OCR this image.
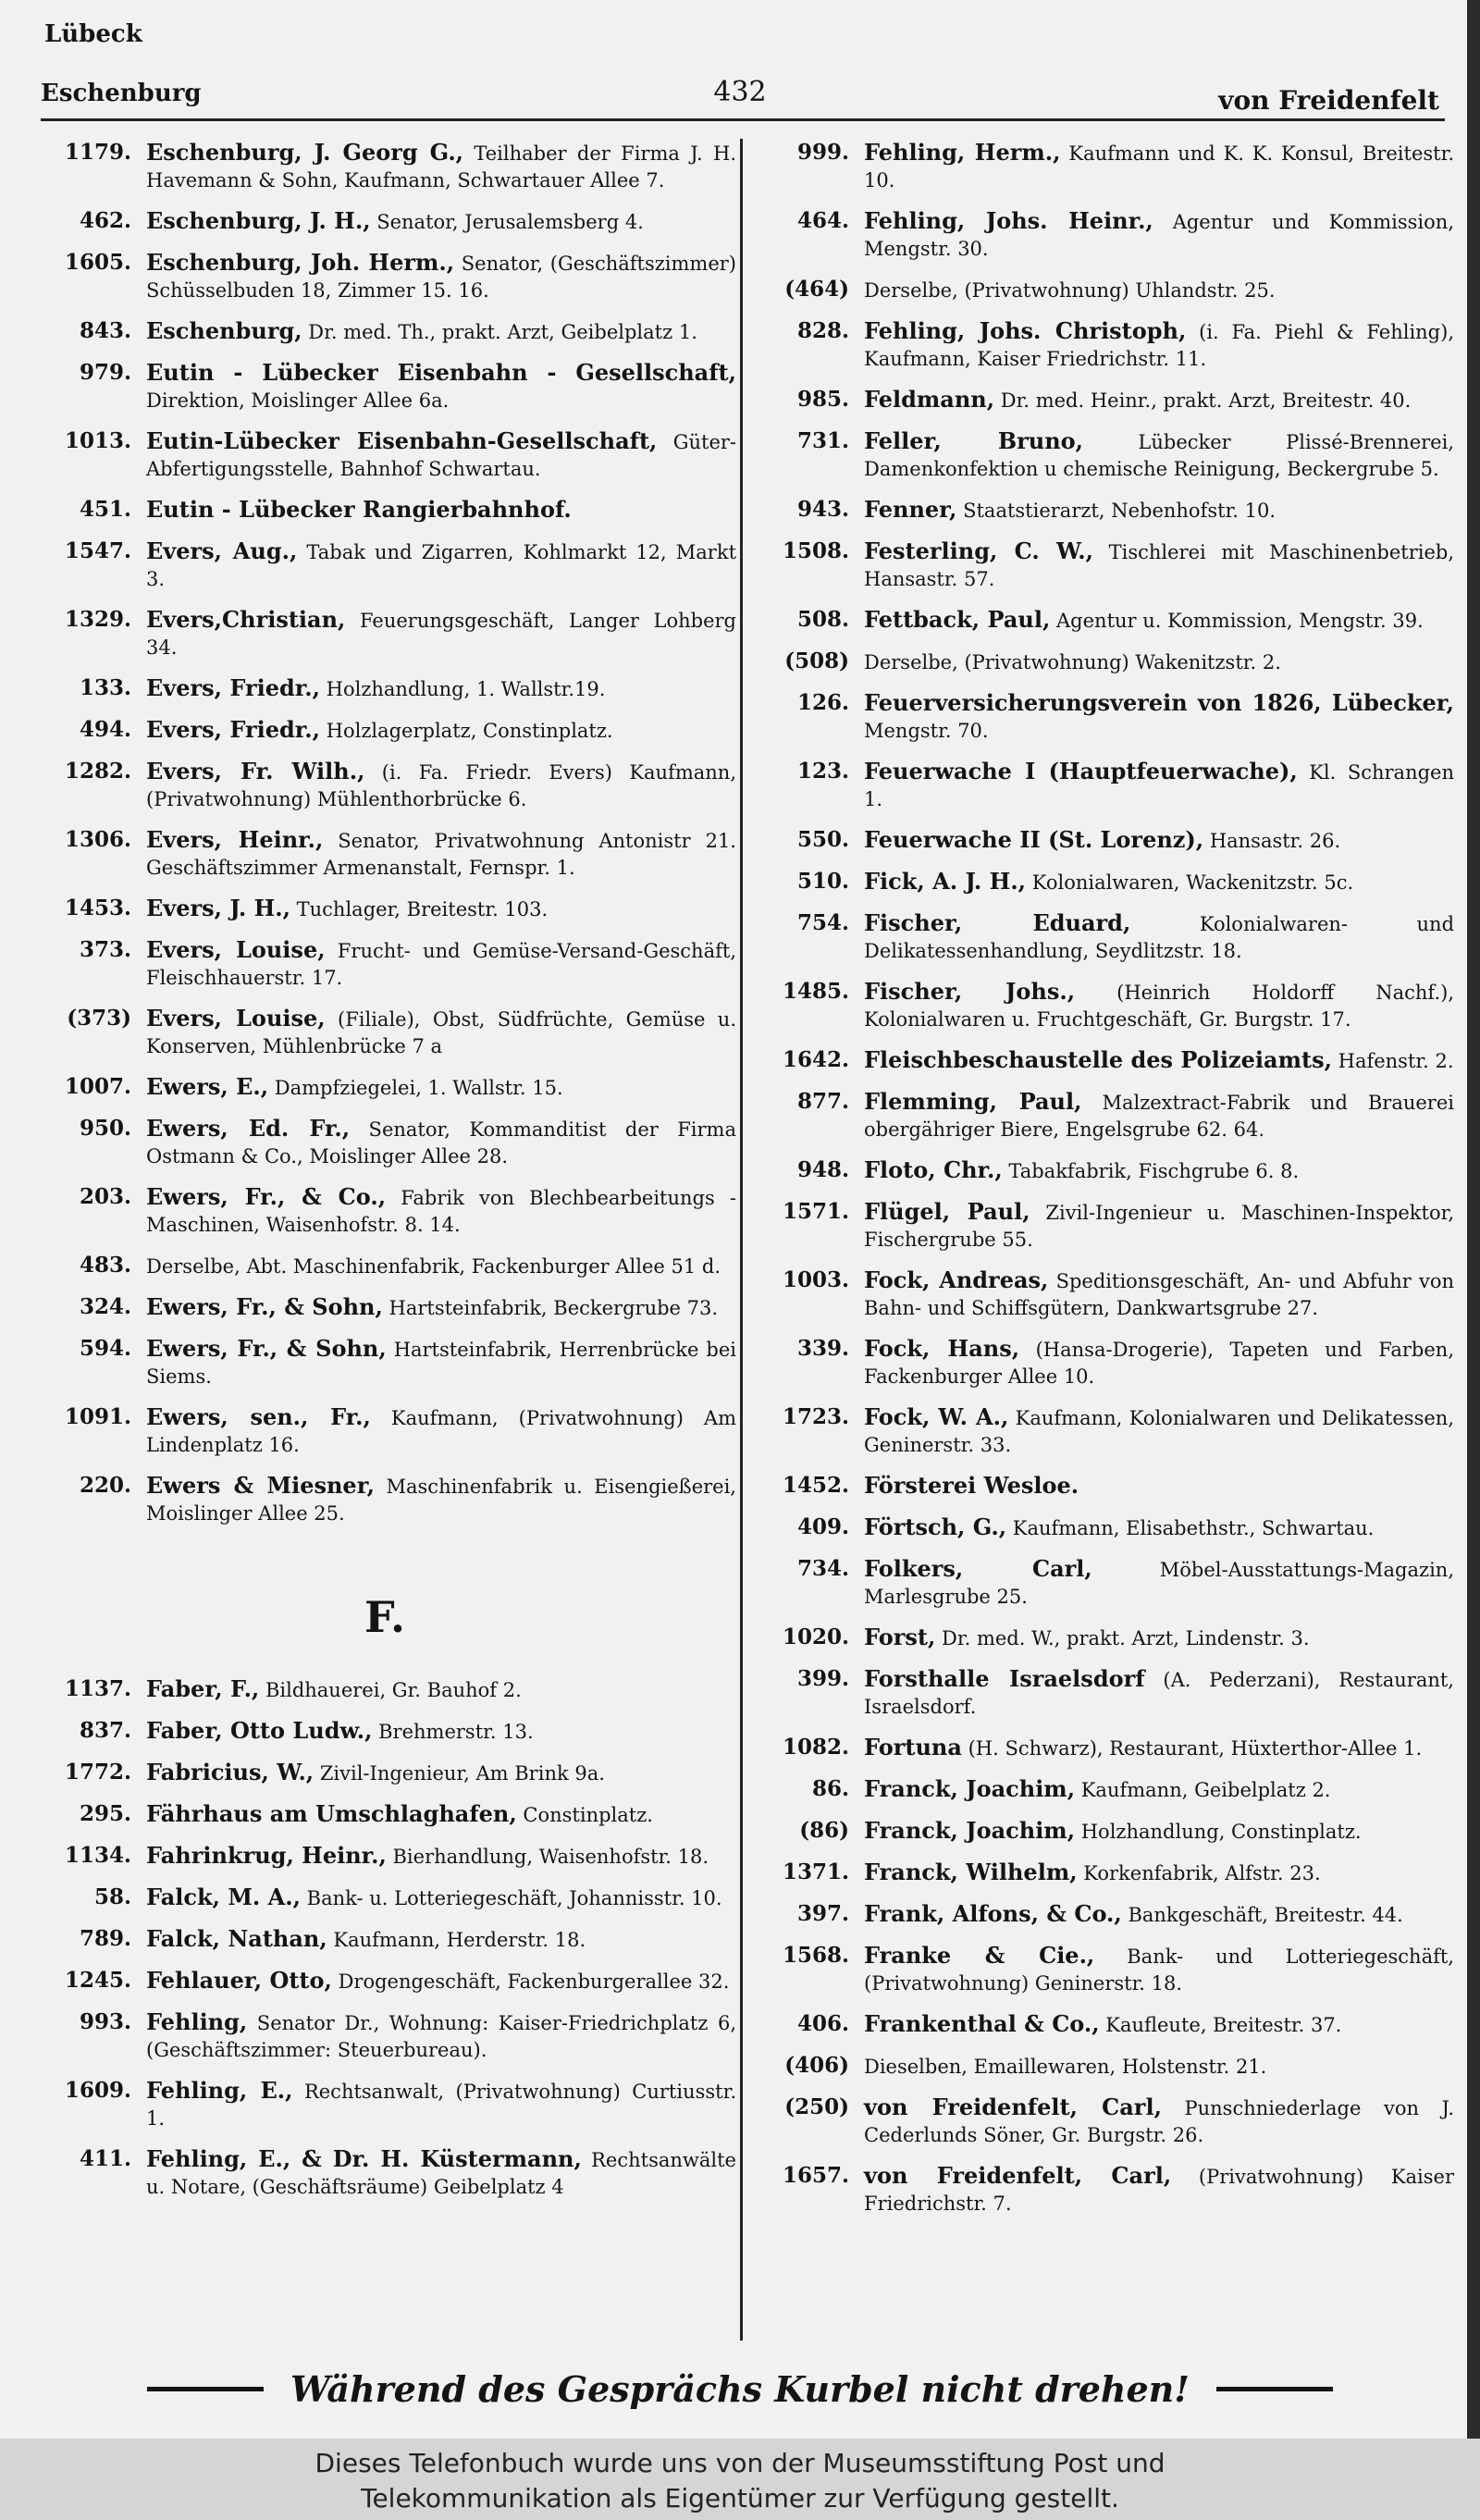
Lübeck
Eschenburg	432	von Freidenfelt
1179. Eschenburg, J. Georg G., Teilhaber der Firma J. H. Havemann & Sohn, Kaufmann, Schwartauer Allee 7.
462. Eschenburg, J. H., Senator, Jerusalemsberg 4.
1605. Eschenburg, Joh. Herm., Senator, (Geschäftszimmer) Schüsselbuden 18, Zimmer 15. 16.
843. Eschenburg, Dr. med. Th., prakt. Arzt, Geibelplatz 1.
979. Eutin - Lübecker Eisenbahn - Gesellschaft, Direktion, Moislinger Allee 6a.
1013. Eutin-Lübecker Eisenbahn-Gesellschaft, Güter-Abfertigungsstelle, Bahnhof Schwartau.
451. Eutin - Lübecker Rangierbahnhof.
1547. Evers, Aug., Tabak und Zigarren, Kohlmarkt 12, Markt 3.
1329. Evers,Christian, Feuerungsgeschäft, Langer Lohberg 34.
133. Evers, Friedr., Holzhandlung, 1. Wallstr.19.
494. Evers, Friedr., Holzlagerplatz, Constinplatz.
1282. Evers, Fr. Wilh., (i. Fa. Friedr. Evers) Kaufmann, (Privatwohnung) Mühlenthorbrücke 6.
1306. Evers, Heinr., Senator, Privatwohnung Antonistr 21. Geschäftszimmer Armenanstalt, Fernspr. 1.
1453. Evers, J. H., Tuchlager, Breitestr. 103.
373. Evers, Louise, Frucht- und Gemüse-Versand-Geschäft, Fleischhauerstr. 17.
(373) Evers, Louise, (Filiale), Obst, Südfrüchte, Gemüse u. Konserven, Mühlenbrücke 7 a
1007. Ewers, E., Dampfziegelei, 1. Wallstr. 15.
950. Ewers, Ed. Fr., Senator, Kommanditist der Firma Ostmann & Co., Moislinger Allee 28.
203. Ewers, Fr., & Co., Fabrik von Blechbearbeitungs - Maschinen, Waisenhofstr. 8. 14.
483. Derselbe, Abt. Maschinenfabrik, Fackenburger Allee 51 d.
324. Ewers, Fr., & Sohn, Hartsteinfabrik, Beckergrube 73.
594. Ewers, Fr., & Sohn, Hartsteinfabrik, Herrenbrücke bei Siems.
1091. Ewers, sen., Fr., Kaufmann, (Privatwohnung) Am Lindenplatz 16.
220. Ewers & Miesner, Maschinenfabrik u. Eisengießerei, Moislinger Allee 25.
F.
1137. Faber, F., Bildhauerei, Gr. Bauhof 2.
837. Faber, Otto Ludw., Brehmerstr. 13.
1772. Fabricius, W., Zivil-Ingenieur, Am Brink 9a.
295. Fährhaus am Umschlaghafen, Constinplatz.
1134. Fahrinkrug, Heinr., Bierhandlung, Waisenhofstr. 18.
58. Falck, M. A., Bank- u. Lotteriegeschäft, Johannisstr. 10.
789. Falck, Nathan, Kaufmann, Herderstr. 18.
1245. Fehlauer, Otto, Drogengeschäft, Fackenburgerallee 32.
993. Fehling, Senator Dr., Wohnung: Kaiser-Friedrichplatz 6, (Geschäftszimmer: Steuerbureau).
1609. Fehling, E., Rechtsanwalt, (Privatwohnung) Curtiusstr. 1.
411. Fehling, E., & Dr. H. Küstermann, Rechtsanwälte u. Notare, (Geschäftsräume) Geibelplatz 4
999. Fehling, Herm., Kaufmann und K. K. Konsul, Breitestr. 10.
464. Fehling, Johs. Heinr., Agentur und Kommission, Mengstr. 30.
(464) Derselbe, (Privatwohnung) Uhlandstr. 25.
828. Fehling, Johs. Christoph, (i. Fa. Piehl & Fehling), Kaufmann, Kaiser Friedrichstr. 11.
985. Feldmann, Dr. med. Heinr., prakt. Arzt, Breitestr. 40.
731. Feller, Bruno, Lübecker Plissé-Brennerei, Damenkonfektion u chemische Reinigung, Beckergrube 5.
943. Fenner, Staatstierarzt, Nebenhofstr. 10.
1508. Festerling, C. W., Tischlerei mit Maschinenbetrieb, Hansastr. 57.
508. Fettback, Paul, Agentur u. Kommission, Mengstr. 39.
(508) Derselbe, (Privatwohnung) Wakenitzstr. 2.
126. Feuerversicherungsverein von 1826, Lübecker, Mengstr. 70.
123. Feuerwache I (Hauptfeuerwache), Kl. Schrangen 1.
550. Feuerwache II (St. Lorenz), Hansastr. 26.
510. Fick, A. J. H., Kolonialwaren, Wackenitzstr. 5c.
754. Fischer, Eduard, Kolonialwaren- und Delikatessenhandlung, Seydlitzstr. 18.
1485. Fischer, Johs., (Heinrich Holdorff Nachf.), Kolonialwaren u. Fruchtgeschäft, Gr. Burgstr. 17.
1642. Fleischbeschaustelle des Polizeiamts, Hafenstr. 2.
877. Flemming, Paul, Malzextract-Fabrik und Brauerei obergähriger Biere, Engelsgrube 62. 64.
948. Floto, Chr., Tabakfabrik, Fischgrube 6. 8.
1571. Flügel, Paul, Zivil-Ingenieur u. Maschinen-Inspektor, Fischergrube 55.
1003. Fock, Andreas, Speditionsgeschäft, An- und Abfuhr von Bahn- und Schiffsgütern, Dankwartsgrube 27.
339. Fock, Hans, (Hansa-Drogerie), Tapeten und Farben, Fackenburger Allee 10.
1723. Fock, W. A., Kaufmann, Kolonialwaren und Delikatessen, Geninerstr. 33.
1452. Försterei Wesloe.
409. Förtsch, G., Kaufmann, Elisabethstr., Schwartau.
734. Folkers, Carl, Möbel-Ausstattungs-Magazin, Marlesgrube 25.
1020. Forst, Dr. med. W., prakt. Arzt, Lindenstr. 3.
399. Forsthalle Israelsdorf (A. Pederzani), Restaurant, Israelsdorf.
1082. Fortuna (H. Schwarz), Restaurant, Hüxterthor-Allee 1.
86. Franck, Joachim, Kaufmann, Geibelplatz 2.
(86) Franck, Joachim, Holzhandlung, Constinplatz.
1371. Franck, Wilhelm, Korkenfabrik, Alfstr. 23.
397. Frank, Alfons, & Co., Bankgeschäft, Breitestr. 44.
1568. Franke & Cie., Bank- und Lotteriegeschäft, (Privatwohnung) Geninerstr. 18.
406. Frankenthal & Co., Kaufleute, Breitestr. 37.
(406) Dieselben, Emaillewaren, Holstenstr. 21.
(250) von Freidenfelt, Carl, Punschniederlage von J. Cederlunds Söner, Gr. Burgstr. 26.
1657. von Freidenfelt, Carl, (Privatwohnung) Kaiser Friedrichstr. 7.
Während des Gesprächs Kurbel nicht drehen!
Dieses Telefonbuch wurde uns von der Museumsstiftung Post und
Telekommunikation als Eigentümer zur Verfügung gestellt.
